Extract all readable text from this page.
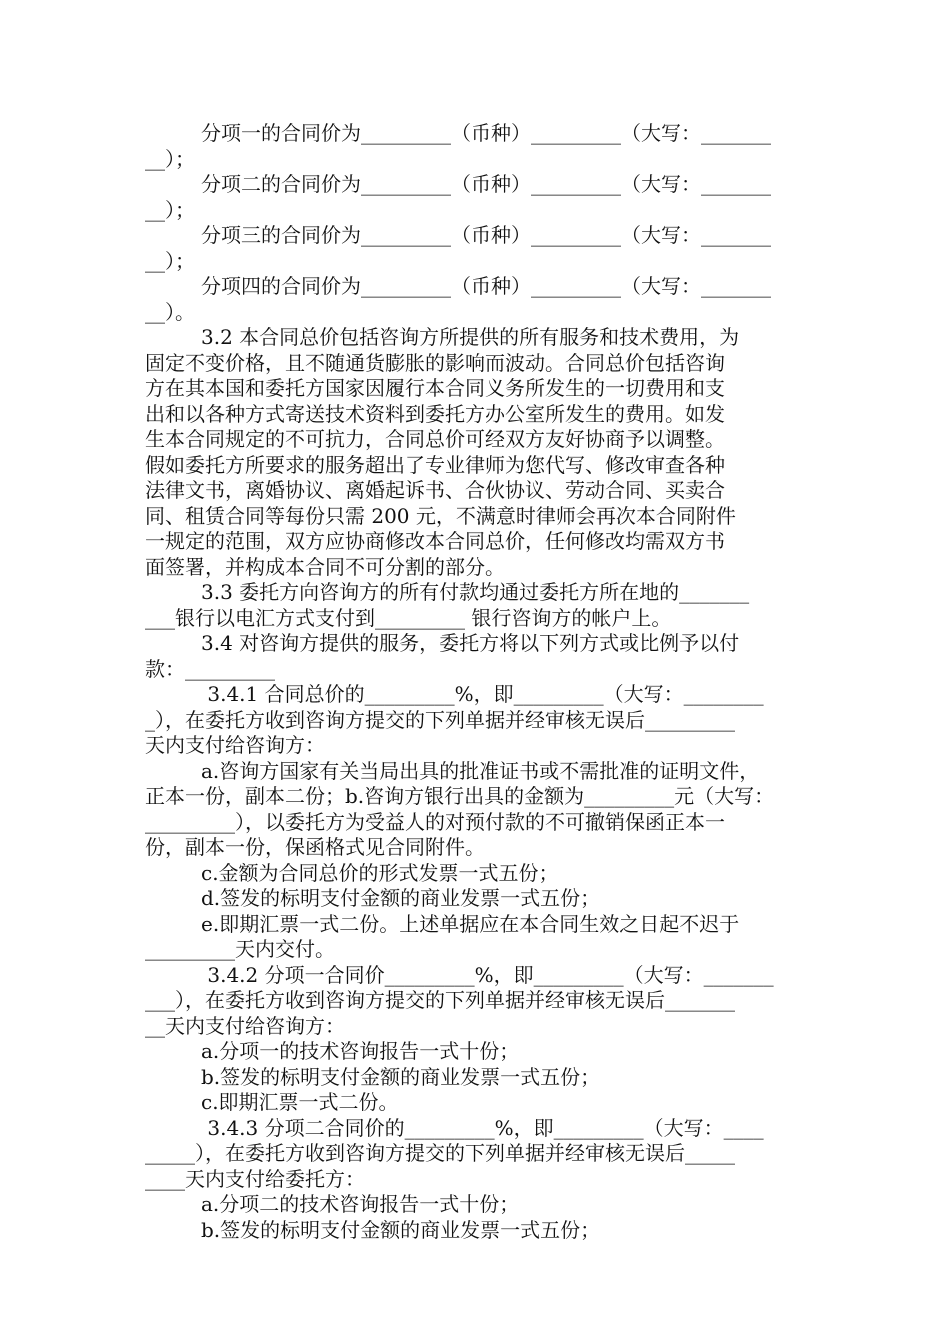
分项一的合同价为_________（币种）_________（大写：_______
__）；
分项二的合同价为_________（币种）_________（大写：_______
__）；
分项三的合同价为_________（币种）_________（大写：_______
__）；
分项四的合同价为_________（币种）_________（大写：_______
__）。
3.2 本合同总价包括咨询方所提供的所有服务和技术费用，为
固定不变价格，且不随通货膨胀的影响而波动。合同总价包括咨询
方在其本国和委托方国家因履行本合同义务所发生的一切费用和支
出和以各种方式寄送技术资料到委托方办公室所发生的费用。如发
生本合同规定的不可抗力，合同总价可经双方友好协商予以调整。
假如委托方所要求的服务超出了专业律师为您代写、修改审查各种
法律文书，离婚协议、离婚起诉书、合伙协议、劳动合同、买卖合
同、租赁合同等每份只需 200 元，不满意时律师会再次本合同附件
一规定的范围，双方应协商修改本合同总价，任何修改均需双方书
面签署，并构成本合同不可分割的部分。
3.3 委托方向咨询方的所有付款均通过委托方所在地的_______
___银行以电汇方式支付到_________ 银行咨询方的帐户上。
3.4 对咨询方提供的服务，委托方将以下列方式或比例予以付
款：_________
3.4.1 合同总价的_________%，即_________（大写：________
_），在委托方收到咨询方提交的下列单据并经审核无误后_________
天内支付给咨询方：
a.咨询方国家有关当局出具的批准证书或不需批准的证明文件，
正本一份，副本二份；b.咨询方银行出具的金额为_________元（大写：
_________），以委托方为受益人的对预付款的不可撤销保函正本一
份，副本一份，保函格式见合同附件。
c.金额为合同总价的形式发票一式五份；
d.签发的标明支付金额的商业发票一式五份；
e.即期汇票一式二份。上述单据应在本合同生效之日起不迟于
_________天内交付。
3.4.2 分项一合同价_________%，即_________（大写：_______
___），在委托方收到咨询方提交的下列单据并经审核无误后_______
__天内支付给咨询方：
a.分项一的技术咨询报告一式十份；
b.签发的标明支付金额的商业发票一式五份；
c.即期汇票一式二份。
3.4.3 分项二合同价的_________%，即_________（大写：____
_____），在委托方收到咨询方提交的下列单据并经审核无误后_____
____天内支付给委托方：
a.分项二的技术咨询报告一式十份；
b.签发的标明支付金额的商业发票一式五份；
